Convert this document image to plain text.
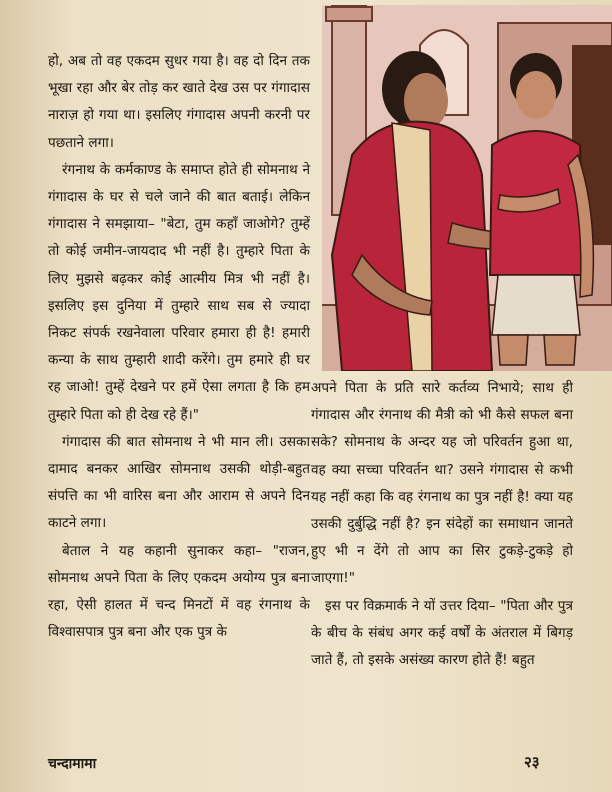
हो, अब तो वह एकदम सुधर गया है। वह दो दिन तक भूखा रहा और बेर तोड़ कर खाते देख उस पर गंगादास नाराज़ हो गया था। इसलिए गंगादास अपनी करनी पर पछताने लगा।

रंगनाथ के कर्मकाण्ड के समाप्त होते ही सोमनाथ ने गंगादास के घर से चले जाने की बात बताई। लेकिन गंगादास ने समझाया– "बेटा, तुम कहाँ जाओगे? तुम्हें तो कोई जमीन-जायदाद भी नहीं है। तुम्हारे पिता के लिए मुझसे बढ़कर कोई आत्मीय मित्र भी नहीं है। इसलिए इस दुनिया में तुम्हारे साथ सब से ज्यादा निकट संपर्क रखनेवाला परिवार हमारा ही है! हमारी कन्या के साथ तुम्हारी शादी करेंगे। तुम हमारे ही घर रह जाओ! तुम्हें देखने पर हमें ऐसा लगता है कि हम तुम्हारे पिता को ही देख रहे हैं।"

गंगादास की बात सोमनाथ ने भी मान ली। उसका दामाद बनकर आखिर सोमनाथ उसकी थोड़ी-बहुत संपत्ति का भी वारिस बना और आराम से अपने दिन काटने लगा।

बेताल ने यह कहानी सुनाकर कहा– "राजन, सोमनाथ अपने पिता के लिए एकदम अयोग्य पुत्र बना रहा, ऐसी हालत में चन्द मिनटों में वह रंगनाथ के विश्वासपात्र पुत्र बना और एक पुत्र के

अपने पिता के प्रति सारे कर्तव्य निभाये; साथ ही गंगादास और रंगनाथ की मैत्री को भी कैसे सफल बना सके? सोमनाथ के अन्दर यह जो परिवर्तन हुआ था, वह क्या सच्चा परिवर्तन था? उसने गंगादास से कभी यह नहीं कहा कि वह रंगनाथ का पुत्र नहीं है! क्या यह उसकी दुर्बुद्धि नहीं है? इन संदेहों का समाधान जानते हुए भी न देंगे तो आप का सिर टुकड़े-टुकड़े हो जाएगा!"

इस पर विक्रमार्क ने यों उत्तर दिया– "पिता और पुत्र के बीच के संबंध अगर कई वर्षों के अंतराल में बिगड़ जाते हैं, तो इसके असंख्य कारण होते हैं! बहुत

चन्दामामा	२३
